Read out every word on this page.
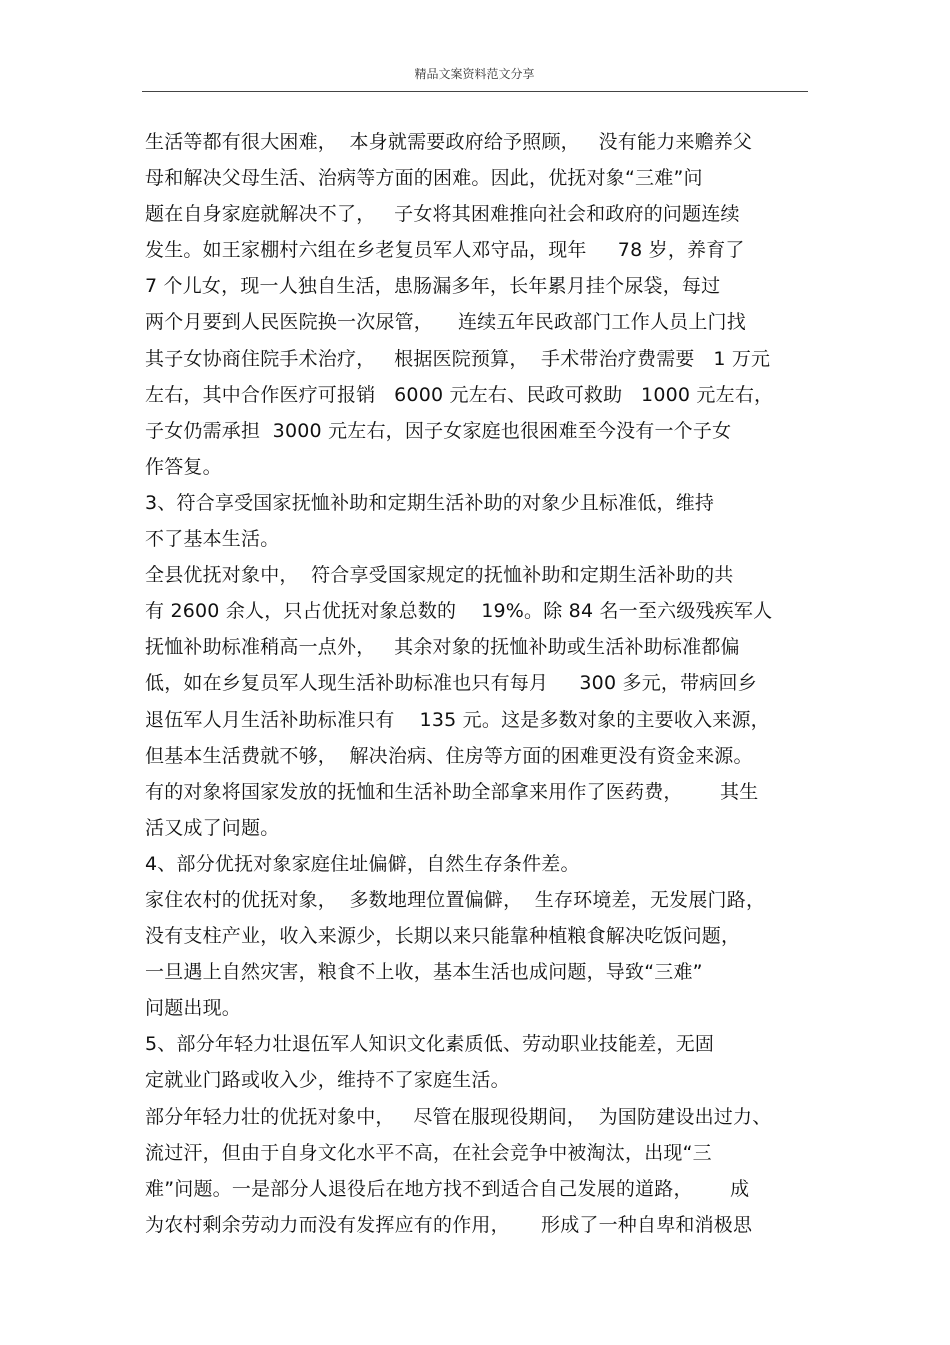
精品文案资料范文分享
生活等都有很大困难，  本身就需要政府给予照顾，   没有能力来赡养父
母和解决父母生活、治病等方面的困难。因此，优抚对象“三难”问
题在自身家庭就解决不了，   子女将其困难推向社会和政府的问题连续
发生。如王家棚村六组在乡老复员军人邓守品，现年     78 岁，养育了
7 个儿女，现一人独自生活，患肠漏多年，长年累月挂个尿袋，每过
两个月要到人民医院换一次尿管，    连续五年民政部门工作人员上门找
其子女协商住院手术治疗，   根据医院预算，  手术带治疗费需要   1 万元
左右，其中合作医疗可报销   6000 元左右、民政可救助   1000 元左右，
子女仍需承担  3000 元左右，因子女家庭也很困难至今没有一个子女
作答复。
3、符合享受国家抚恤补助和定期生活补助的对象少且标准低，维持
不了基本生活。
全县优抚对象中，  符合享受国家规定的抚恤补助和定期生活补助的共
有 2600 余人，只占优抚对象总数的    19%。除 84 名一至六级残疾军人
抚恤补助标准稍高一点外，   其余对象的抚恤补助或生活补助标准都偏
低，如在乡复员军人现生活补助标准也只有每月     300 多元，带病回乡
退伍军人月生活补助标准只有    135 元。这是多数对象的主要收入来源，
但基本生活费就不够，  解决治病、住房等方面的困难更没有资金来源。
有的对象将国家发放的抚恤和生活补助全部拿来用作了医药费，      其生
活又成了问题。
4、部分优抚对象家庭住址偏僻，自然生存条件差。
家住农村的优抚对象，  多数地理位置偏僻，  生存环境差，无发展门路，
没有支柱产业，收入来源少，长期以来只能靠种植粮食解决吃饭问题，
一旦遇上自然灾害，粮食不上收，基本生活也成问题，导致“三难”
问题出现。
5、部分年轻力壮退伍军人知识文化素质低、劳动职业技能差，无固
定就业门路或收入少，维持不了家庭生活。
部分年轻力壮的优抚对象中，   尽管在服现役期间，  为国防建设出过力、
流过汗，但由于自身文化水平不高，在社会竞争中被淘汰，出现“三
难”问题。一是部分人退役后在地方找不到适合自己发展的道路，      成
为农村剩余劳动力而没有发挥应有的作用，     形成了一种自卑和消极思
